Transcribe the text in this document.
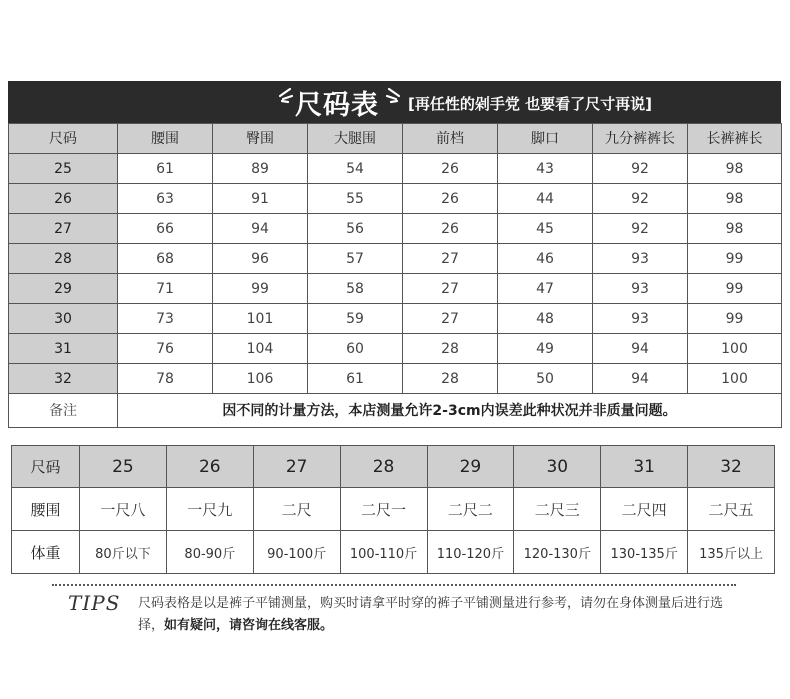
尺码表 [再任性的剁手党 也要看了尺寸再说]
尺码	腰围	臀围	大腿围	前档	脚口	九分裤裤长	长裤裤长
25	61	89	54	26	43	92	98
26	63	91	55	26	44	92	98
27	66	94	56	26	45	92	98
28	68	96	57	27	46	93	99
29	71	99	58	27	47	93	99
30	73	101	59	27	48	93	99
31	76	104	60	28	49	94	100
32	78	106	61	28	50	94	100
备注	因不同的计量方法，本店测量允许2-3cm内误差此种状况并非质量问题。						
尺码	25	26	27	28	29	30	31	32
腰围	一尺八	一尺九	二尺	二尺一	二尺二	二尺三	二尺四	二尺五
体重	80斤以下	80-90斤	90-100斤	100-110斤	110-120斤	120-130斤	130-135斤	135斤以上
TIPS 尺码表格是以是裤子平铺测量，购买时请拿平时穿的裤子平铺测量进行参考，请勿在身体测量后进行选择，如有疑问，请咨询在线客服。
